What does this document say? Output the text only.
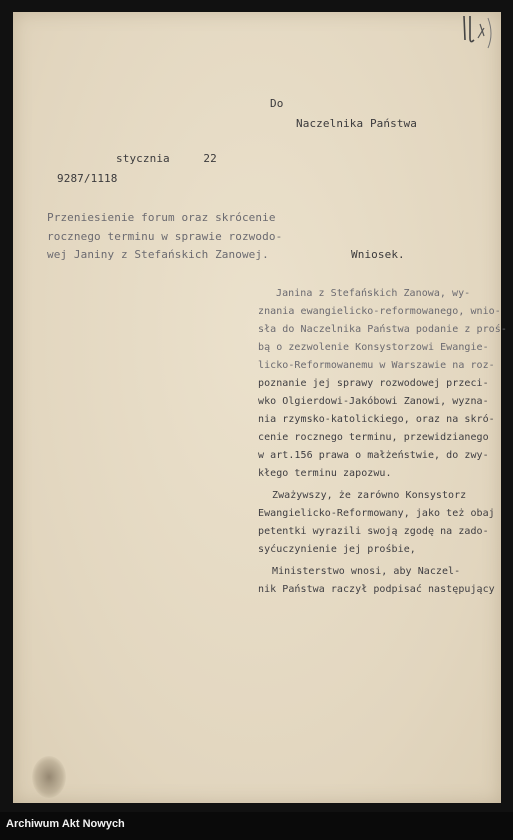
Do
Naczelnika Państwa
stycznia     22
9287/1118
Przeniesienie forum oraz skrócenie
rocznego terminu w sprawie rozwodo-
wej Janiny z Stefańskich Zanowej.	Wniosek.
Janina z Stefańskich Zanowa, wy-
znania ewangielicko-reformowanego, wnio-
sła do Naczelnika Państwa podanie z proś-
bą o zezwolenie Konsystorzowi Ewangie-
licko-Reformowanemu w Warszawie na roz-
poznanie jej sprawy rozwodowej przeci-
wko Olgierdowi-Jakóbowi Zanowi, wyzna-
nia rzymsko-katolickiego, oraz na skró-
cenie rocznego terminu, przewidzianego
w art.156 prawa o małżeństwie, do zwy-
kłego terminu zapozwu.
Zważywszy, że zarówno Konsystorz
Ewangielicko-Reformowany, jako też obaj
petentki wyrazili swoją zgodę na zado-
syćuczynienie jej prośbie,
Ministerstwo wnosi, aby Naczel-
nik Państwa raczył podpisać następujący
Archiwum Akt Nowych
